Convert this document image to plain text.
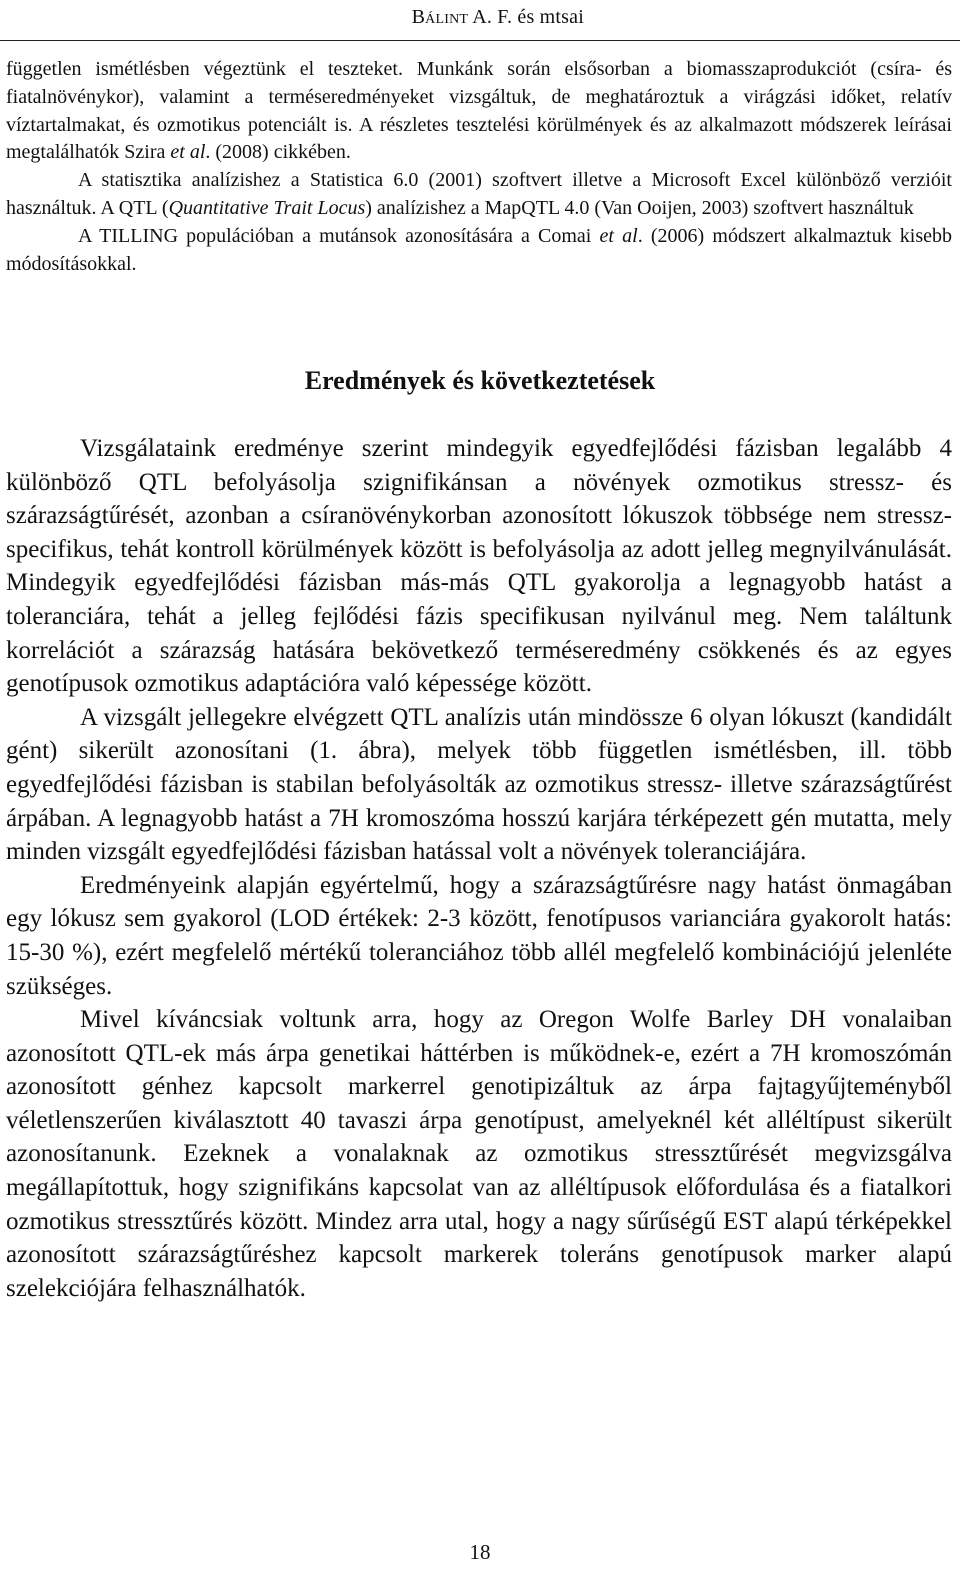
Bálint A. F. és mtsai

független ismétlésben végeztünk el teszteket. Munkánk során elsősorban a biomasszaprodukciót (csíra- és fiatalnövénykor), valamint a terméseredményeket vizsgáltuk, de meghatároztuk a virágzási időket, relatív víztartalmakat, és ozmotikus potenciált is. A részletes tesztelési körülmények és az alkalmazott módszerek leírásai megtalálhatók Szira et al. (2008) cikkében.

A statisztika analízishez a Statistica 6.0 (2001) szoftvert illetve a Microsoft Excel különböző verzióit használtuk. A QTL (Quantitative Trait Locus) analízishez a MapQTL 4.0 (Van Ooijen, 2003) szoftvert használtuk

A TILLING populációban a mutánsok azonosítására a Comai et al. (2006) módszert alkalmaztuk kisebb módosításokkal.

Eredmények és következtetések

Vizsgálataink eredménye szerint mindegyik egyedfejlődési fázisban legalább 4 különböző QTL befolyásolja szignifikánsan a növények ozmotikus stressz- és szárazságtűrését, azonban a csíranövénykorban azonosított lókuszok többsége nem stressz-specifikus, tehát kontroll körülmények között is befolyásolja az adott jelleg megnyilvánulását. Mindegyik egyedfejlődési fázisban más-más QTL gyakorolja a legnagyobb hatást a toleranciára, tehát a jelleg fejlődési fázis specifikusan nyilvánul meg. Nem találtunk korrelációt a szárazság hatására bekövetkező terméseredmény csökkenés és az egyes genotípusok ozmotikus adaptációra való képessége között.

A vizsgált jellegekre elvégzett QTL analízis után mindössze 6 olyan lókuszt (kandidált gént) sikerült azonosítani (1. ábra), melyek több független ismétlésben, ill. több egyedfejlődési fázisban is stabilan befolyásolták az ozmotikus stressz- illetve szárazságtűrést árpában. A legnagyobb hatást a 7H kromoszóma hosszú karjára térképezett gén mutatta, mely minden vizsgált egyedfejlődési fázisban hatással volt a növények toleranciájára.

Eredményeink alapján egyértelmű, hogy a szárazságtűrésre nagy hatást önmagában egy lókusz sem gyakorol (LOD értékek: 2-3 között, fenotípusos varianciára gyakorolt hatás: 15-30 %), ezért megfelelő mértékű toleranciához több allél megfelelő kombinációjú jelenléte szükséges.

Mivel kíváncsiak voltunk arra, hogy az Oregon Wolfe Barley DH vonalaiban azonosított QTL-ek más árpa genetikai háttérben is működnek-e, ezért a 7H kromoszómán azonosított génhez kapcsolt markerrel genotipizáltuk az árpa fajtagyűjteményből véletlenszerűen kiválasztott 40 tavaszi árpa genotípust, amelyeknél két alléltípust sikerült azonosítanunk. Ezeknek a vonalaknak az ozmotikus stressztűrését megvizsgálva megállapítottuk, hogy szignifikáns kapcsolat van az alléltípusok előfordulása és a fiatalkori ozmotikus stressztűrés között. Mindez arra utal, hogy a nagy sűrűségű EST alapú térképekkel azonosított szárazságtűréshez kapcsolt markerek toleráns genotípusok marker alapú szelekciójára felhasználhatók.

18
